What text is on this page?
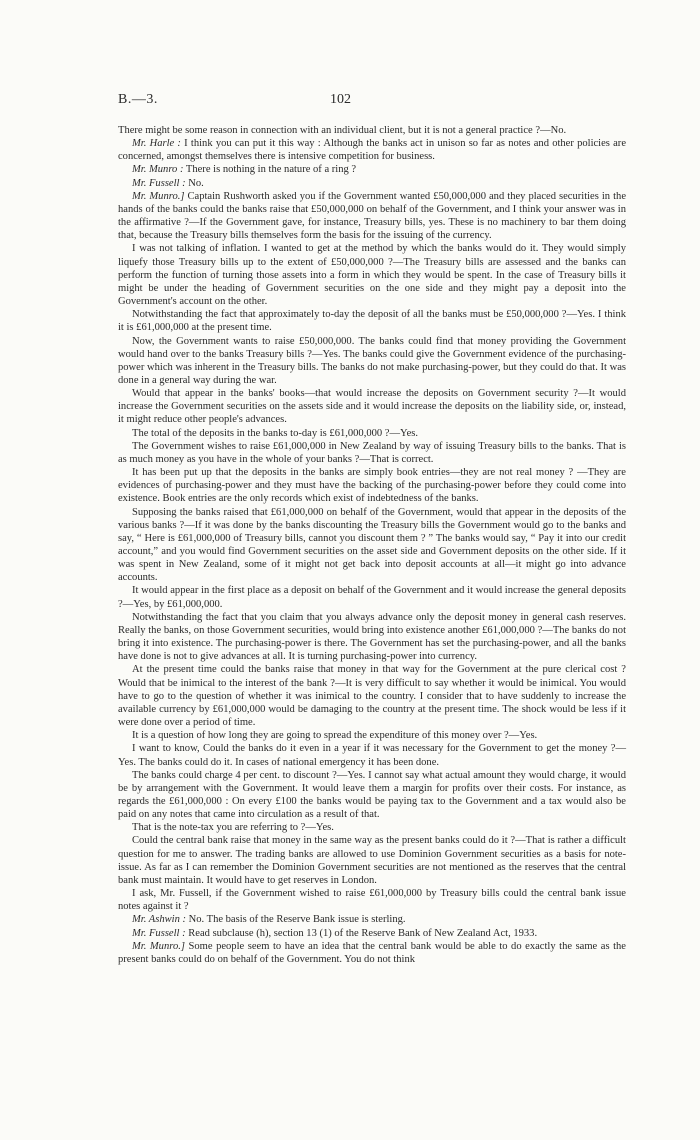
B.—3.	102

There might be some reason in connection with an individual client, but it is not a general practice ?—No.

Mr. Harle : I think you can put it this way : Although the banks act in unison so far as notes and other policies are concerned, amongst themselves there is intensive competition for business.

Mr. Munro : There is nothing in the nature of a ring ?

Mr. Fussell : No.

Mr. Munro.] Captain Rushworth asked you if the Government wanted £50,000,000 and they placed securities in the hands of the banks could the banks raise that £50,000,000 on behalf of the Government, and I think your answer was in the affirmative ?—If the Government gave, for instance, Treasury bills, yes. These is no machinery to bar them doing that, because the Treasury bills themselves form the basis for the issuing of the currency.

I was not talking of inflation. I wanted to get at the method by which the banks would do it. They would simply liquefy those Treasury bills up to the extent of £50,000,000 ?—The Treasury bills are assessed and the banks can perform the function of turning those assets into a form in which they would be spent. In the case of Treasury bills it might be under the heading of Government securities on the one side and they might pay a deposit into the Government's account on the other.

Notwithstanding the fact that approximately to-day the deposit of all the banks must be £50,000,000 ?—Yes. I think it is £61,000,000 at the present time.

Now, the Government wants to raise £50,000,000. The banks could find that money providing the Government would hand over to the banks Treasury bills ?—Yes. The banks could give the Government evidence of the purchasing-power which was inherent in the Treasury bills. The banks do not make purchasing-power, but they could do that. It was done in a general way during the war.

Would that appear in the banks' books—that would increase the deposits on Government security ?—It would increase the Government securities on the assets side and it would increase the deposits on the liability side, or, instead, it might reduce other people's advances.

The total of the deposits in the banks to-day is £61,000,000 ?—Yes.

The Government wishes to raise £61,000,000 in New Zealand by way of issuing Treasury bills to the banks. That is as much money as you have in the whole of your banks ?—That is correct.

It has been put up that the deposits in the banks are simply book entries—they are not real money ? —They are evidences of purchasing-power and they must have the backing of the purchasing-power before they could come into existence. Book entries are the only records which exist of indebtedness of the banks.

Supposing the banks raised that £61,000,000 on behalf of the Government, would that appear in the deposits of the various banks ?—If it was done by the banks discounting the Treasury bills the Government would go to the banks and say, “ Here is £61,000,000 of Treasury bills, cannot you discount them ? ” The banks would say, “ Pay it into our credit account,” and you would find Government securities on the asset side and Government deposits on the other side. If it was spent in New Zealand, some of it might not get back into deposit accounts at all—it might go into advance accounts.

It would appear in the first place as a deposit on behalf of the Government and it would increase the general deposits ?—Yes, by £61,000,000.

Notwithstanding the fact that you claim that you always advance only the deposit money in general cash reserves. Really the banks, on those Government securities, would bring into existence another £61,000,000 ?—The banks do not bring it into existence. The purchasing-power is there. The Government has set the purchasing-power, and all the banks have done is not to give advances at all. It is turning purchasing-power into currency.

At the present time could the banks raise that money in that way for the Government at the pure clerical cost ? Would that be inimical to the interest of the bank ?—It is very difficult to say whether it would be inimical. You would have to go to the question of whether it was inimical to the country. I consider that to have suddenly to increase the available currency by £61,000,000 would be damaging to the country at the present time. The shock would be less if it were done over a period of time.

It is a question of how long they are going to spread the expenditure of this money over ?—Yes.

I want to know, Could the banks do it even in a year if it was necessary for the Government to get the money ?—Yes. The banks could do it. In cases of national emergency it has been done.

The banks could charge 4 per cent. to discount ?—Yes. I cannot say what actual amount they would charge, it would be by arrangement with the Government. It would leave them a margin for profits over their costs. For instance, as regards the £61,000,000 : On every £100 the banks would be paying tax to the Government and a tax would also be paid on any notes that came into circulation as a result of that.

That is the note-tax you are referring to ?—Yes.

Could the central bank raise that money in the same way as the present banks could do it ?—That is rather a difficult question for me to answer. The trading banks are allowed to use Dominion Government securities as a basis for note-issue. As far as I can remember the Dominion Government securities are not mentioned as the reserves that the central bank must maintain. It would have to get reserves in London.

I ask, Mr. Fussell, if the Government wished to raise £61,000,000 by Treasury bills could the central bank issue notes against it ?

Mr. Ashwin : No. The basis of the Reserve Bank issue is sterling.

Mr. Fussell : Read subclause (h), section 13 (1) of the Reserve Bank of New Zealand Act, 1933.

Mr. Munro.] Some people seem to have an idea that the central bank would be able to do exactly the same as the present banks could do on behalf of the Government. You do not think
